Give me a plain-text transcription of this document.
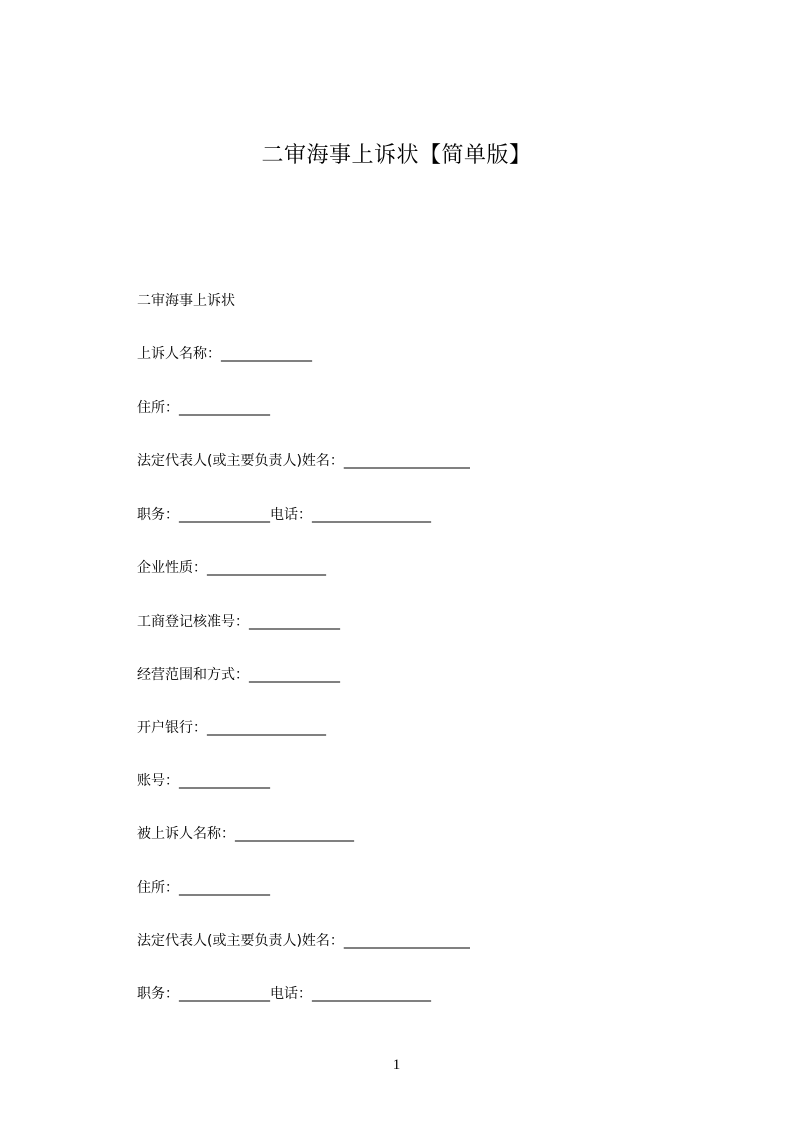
二审海事上诉状【简单版】
二审海事上诉状
上诉人名称：_____________
住所：_____________
法定代表人(或主要负责人)姓名：__________________
职务：_____________电话：_________________
企业性质：_________________
工商登记核准号：_____________
经营范围和方式：_____________
开户银行：_________________
账号：_____________
被上诉人名称：_________________
住所：_____________
法定代表人(或主要负责人)姓名：__________________
职务：_____________电话：_________________
1
